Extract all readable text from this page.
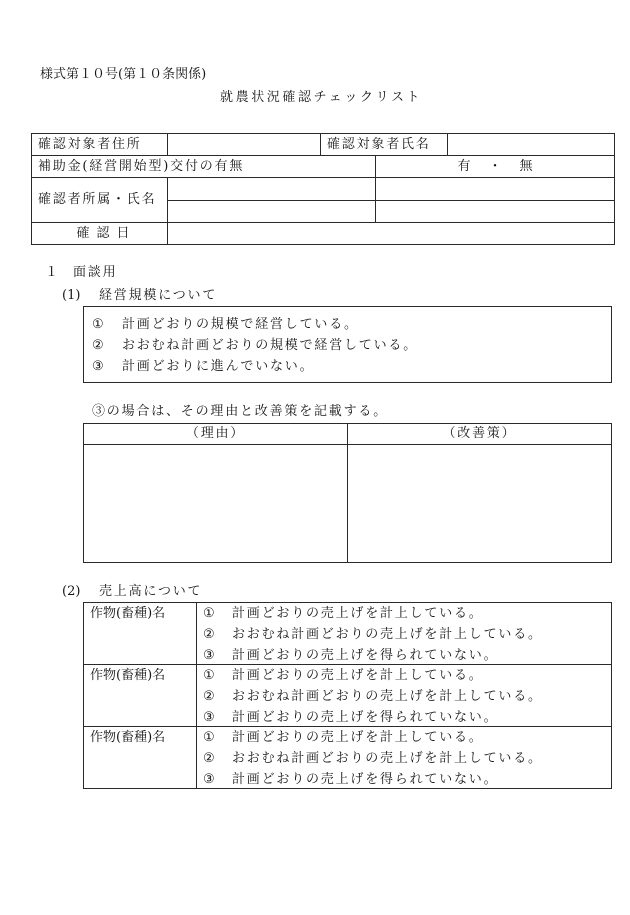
様式第１０号(第１０条関係)
就農状況確認チェックリスト
確認対象者住所	確認対象者氏名
補助金(経営開始型)交付の有無	有 ・ 無
確認者所属・氏名
確認日
１ 面談用
(1) 経営規模について
① 計画どおりの規模で経営している。
② おおむね計画どおりの規模で経営している。
③ 計画どおりに進んでいない。
③の場合は、その理由と改善策を記載する。
（理由）	（改善策）
(2) 売上高について
作物(畜種)名	① 計画どおりの売上げを計上している。
② おおむね計画どおりの売上げを計上している。
③ 計画どおりの売上げを得られていない。
作物(畜種)名	① 計画どおりの売上げを計上している。
② おおむね計画どおりの売上げを計上している。
③ 計画どおりの売上げを得られていない。
作物(畜種)名	① 計画どおりの売上げを計上している。
② おおむね計画どおりの売上げを計上している。
③ 計画どおりの売上げを得られていない。
